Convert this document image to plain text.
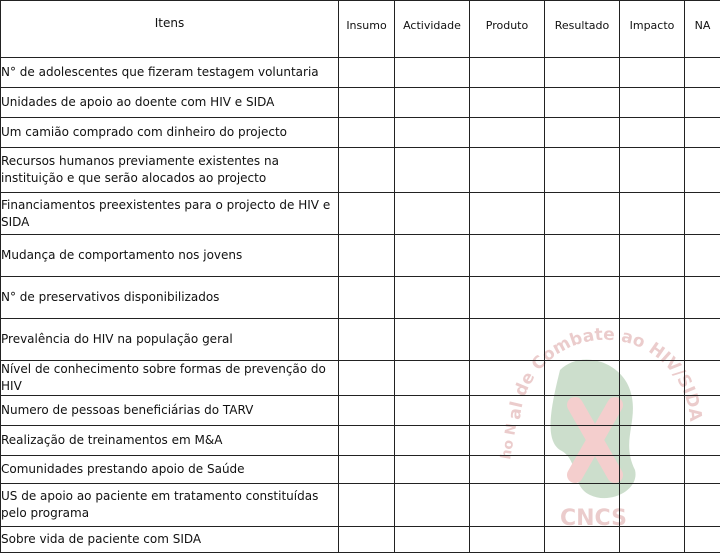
al de Combate ao HIV/SIDA
ho N
CNCS
Itens	Insumo	Actividade	Produto	Resultado	Impacto	NA
N° de adolescentes que fizeram testagem voluntaria						
Unidades de apoio ao doente com HIV e SIDA						
Um camião comprado com dinheiro do projecto						
Recursos humanos previamente existentes na instituição e que serão alocados ao projecto						
Financiamentos preexistentes para o projecto de HIV e SIDA						
Mudança de comportamento nos jovens						
N° de preservativos disponibilizados						
Prevalência do HIV na população geral						
Nível de conhecimento sobre formas de prevenção do HIV						
Numero de pessoas beneficiárias do TARV						
Realização de treinamentos em M&A						
Comunidades prestando apoio de Saúde						
US de apoio ao paciente em tratamento constituídas pelo programa						
Sobre vida de paciente com SIDA						
